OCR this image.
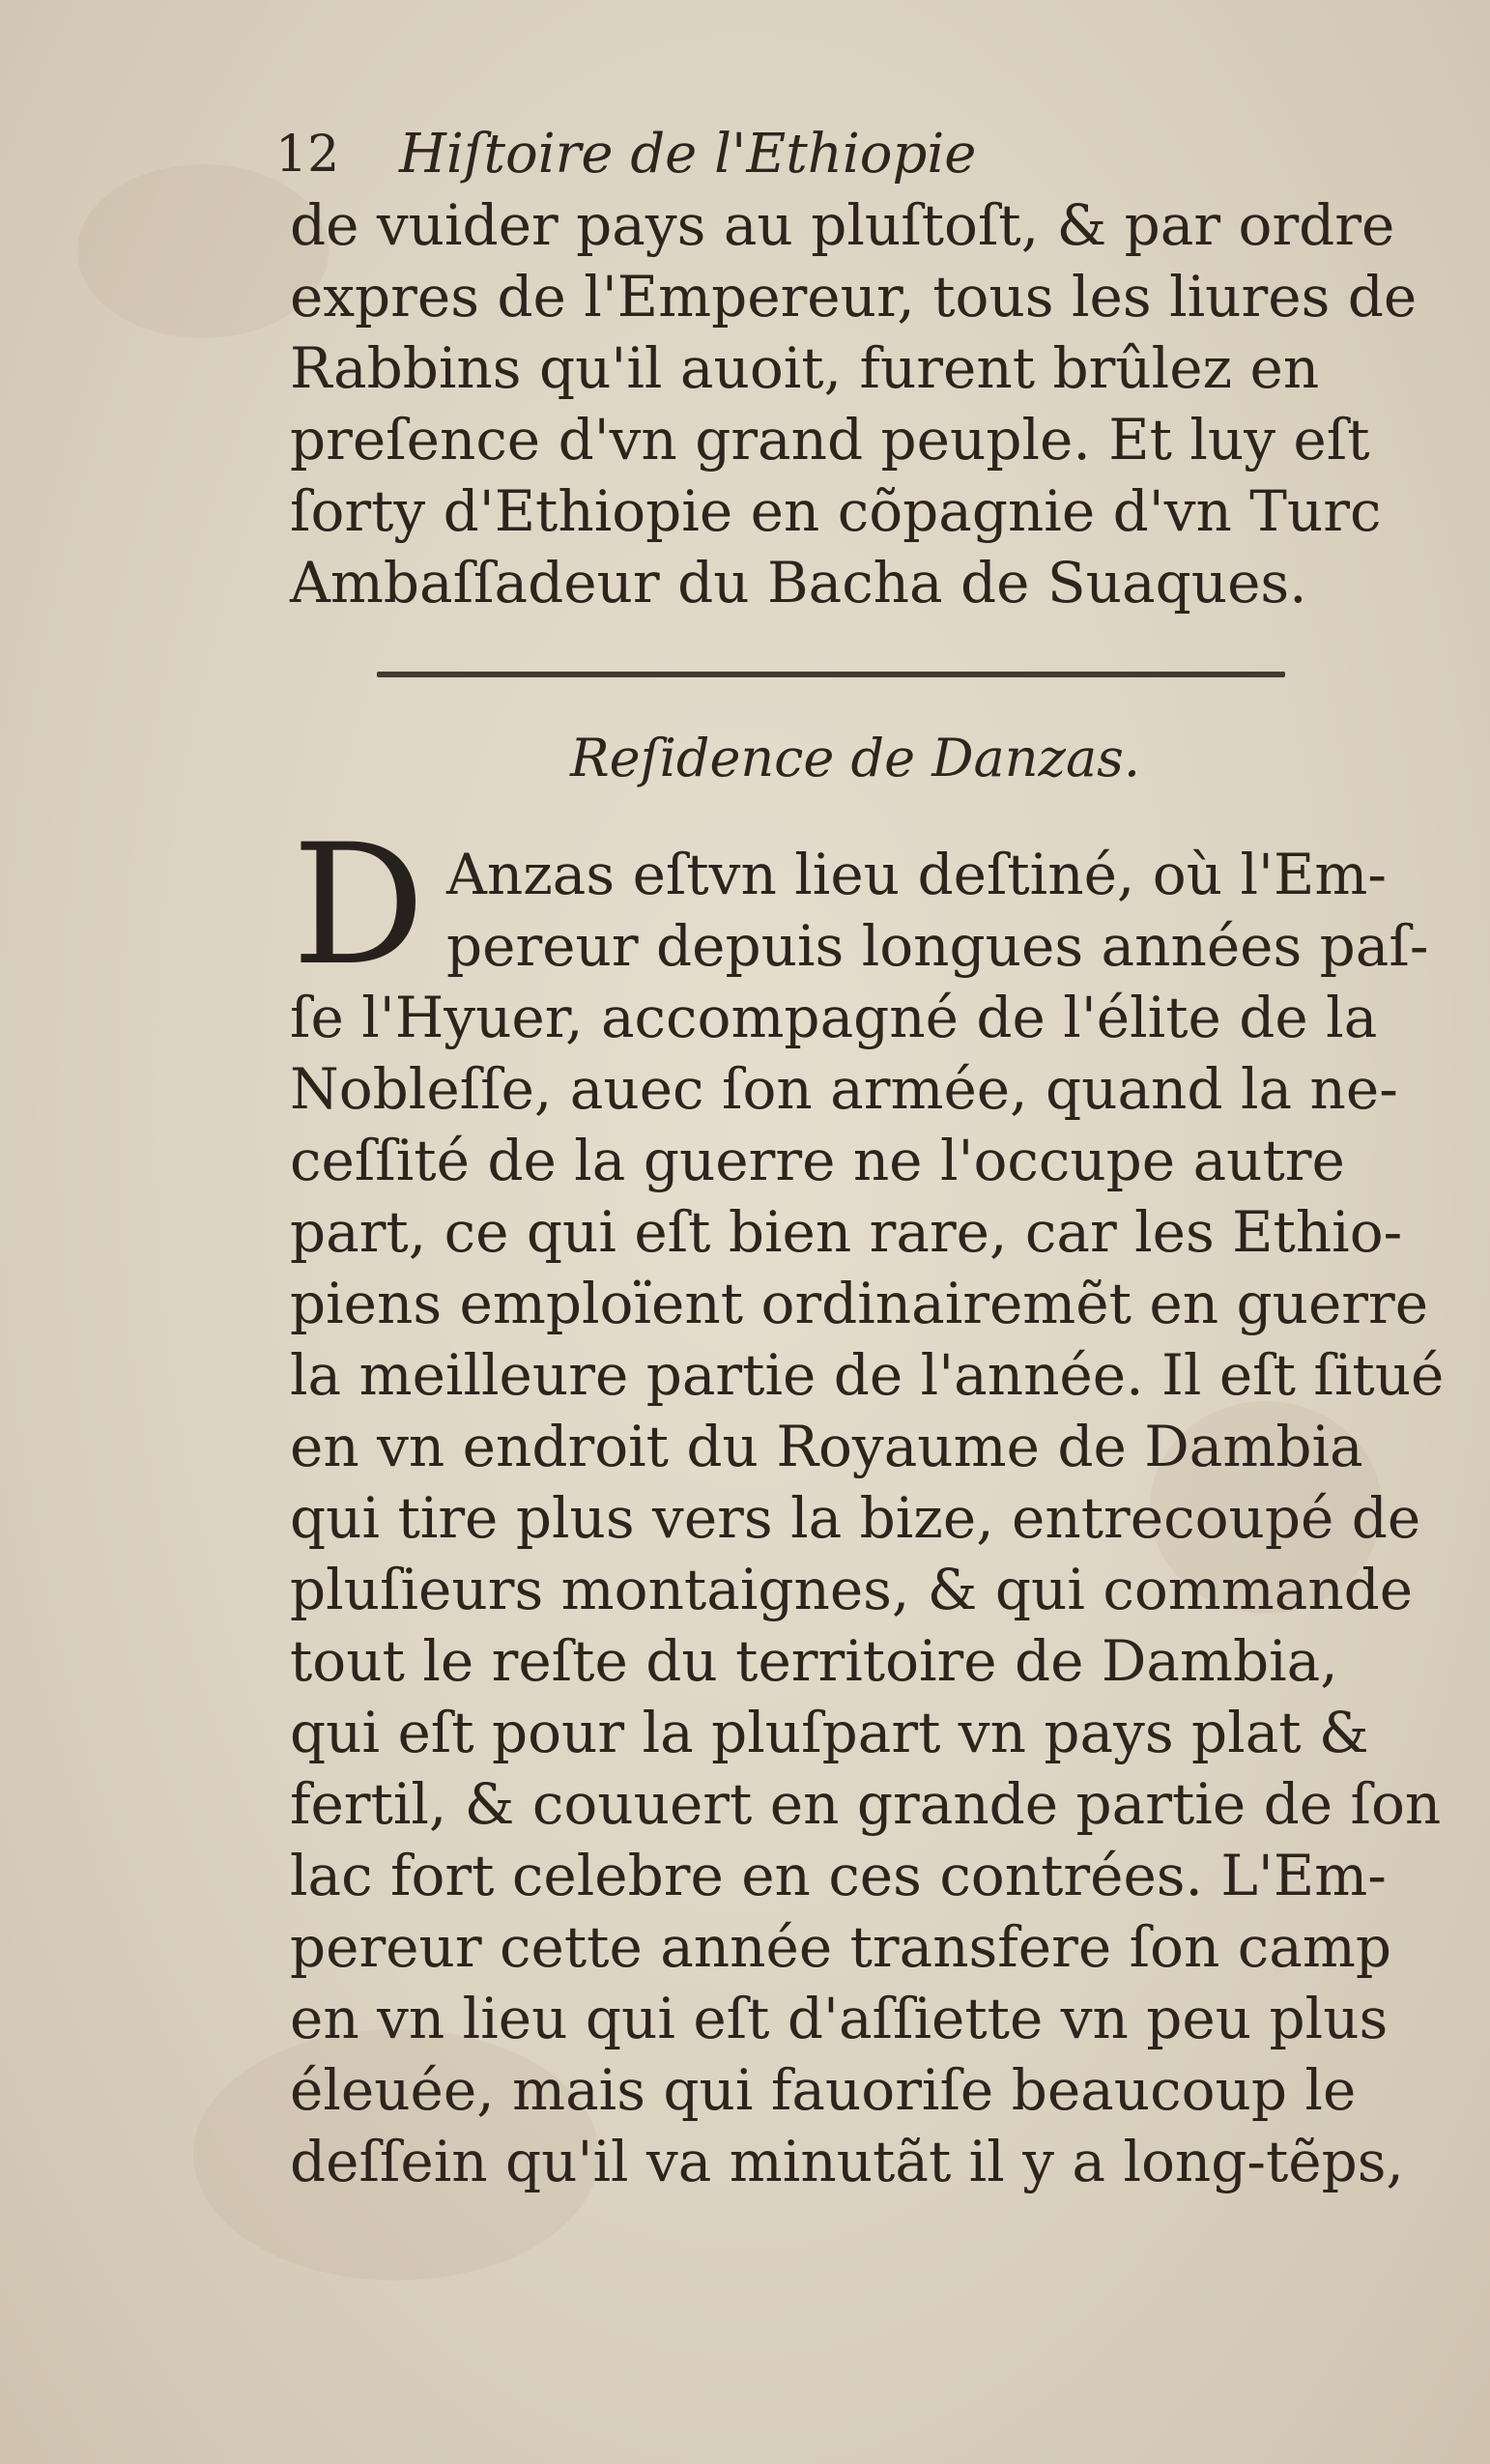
12 Hiſtoire de l'Ethiopie
de vuider pays au pluſtoſt, & par ordre
expres de l'Empereur, tous les liures de
Rabbins qu'il auoit, furent brûlez en
preſence d'vn grand peuple. Et luy eſt
ſorty d'Ethiopie en cõpagnie d'vn Turc
Ambaſſadeur du Bacha de Suaques.
Reſidence de Danzas.
D Anzas eſtvn lieu deſtiné, où l'Em-
pereur depuis longues années paſ-
ſe l'Hyuer, accompagné de l'élite de la
Nobleſſe, auec ſon armée, quand la ne-
ceſſité de la guerre ne l'occupe autre
part, ce qui eſt bien rare, car les Ethio-
piens emploïent ordinairemẽt en guerre
la meilleure partie de l'année. Il eſt ſitué
en vn endroit du Royaume de Dambia
qui tire plus vers la bize, entrecoupé de
pluſieurs montaignes, & qui commande
tout le reſte du territoire de Dambia,
qui eſt pour la pluſpart vn pays plat &
fertil, & couuert en grande partie de ſon
lac fort celebre en ces contrées. L'Em-
pereur cette année transfere ſon camp
en vn lieu qui eſt d'aſſiette vn peu plus
éleuée, mais qui fauoriſe beaucoup le
deſſein qu'il va minutãt il y a long-tẽps,
